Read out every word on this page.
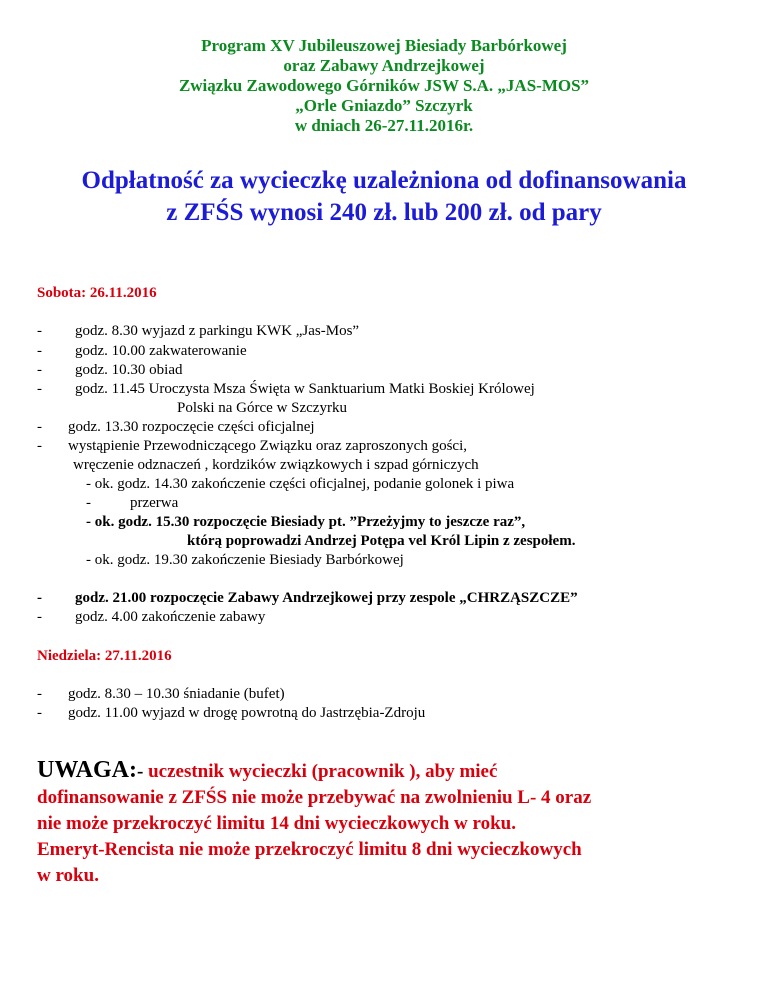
Program XV Jubileuszowej Biesiady Barbórkowej
oraz Zabawy Andrzejkowej
Związku Zawodowego Górników JSW S.A. „JAS-MOS”
„Orle Gniazdo” Szczyrk
w dniach 26-27.11.2016r.
Odpłatność za wycieczkę uzależniona od dofinansowania
z ZFŚS wynosi 240 zł. lub 200 zł. od pary
Sobota: 26.11.2016
- godz. 8.30 wyjazd z parkingu KWK „Jas-Mos”
- godz. 10.00 zakwaterowanie
- godz. 10.30 obiad
- godz. 11.45 Uroczysta Msza Święta w Sanktuarium Matki Boskiej Królowej
Polski na Górce w Szczyrku
- godz. 13.30 rozpoczęcie części oficjalnej
- wystąpienie Przewodniczącego Związku oraz zaproszonych gości,
wręczenie odznaczeń , kordzików związkowych i szpad górniczych
- ok. godz. 14.30 zakończenie części oficjalnej, podanie golonek i piwa
-	przerwa
- ok. godz. 15.30 rozpoczęcie Biesiady pt. ”Przeżyjmy to jeszcze raz”,
którą poprowadzi Andrzej Potępa vel Król Lipin z zespołem.
- ok. godz. 19.30 zakończenie Biesiady Barbórkowej
- godz. 21.00 rozpoczęcie Zabawy Andrzejkowej przy zespole „CHRZĄSZCZE”
- godz. 4.00 zakończenie zabawy
Niedziela: 27.11.2016
- godz. 8.30 – 10.30 śniadanie (bufet)
- godz. 11.00 wyjazd w drogę powrotną do Jastrzębia-Zdroju
UWAGA:- uczestnik wycieczki (pracownik ), aby mieć
dofinansowanie z ZFŚS nie może przebywać na zwolnieniu L- 4 oraz
nie może przekroczyć limitu 14 dni wycieczkowych w roku.
Emeryt-Rencista nie może przekroczyć limitu 8 dni wycieczkowych
w roku.
